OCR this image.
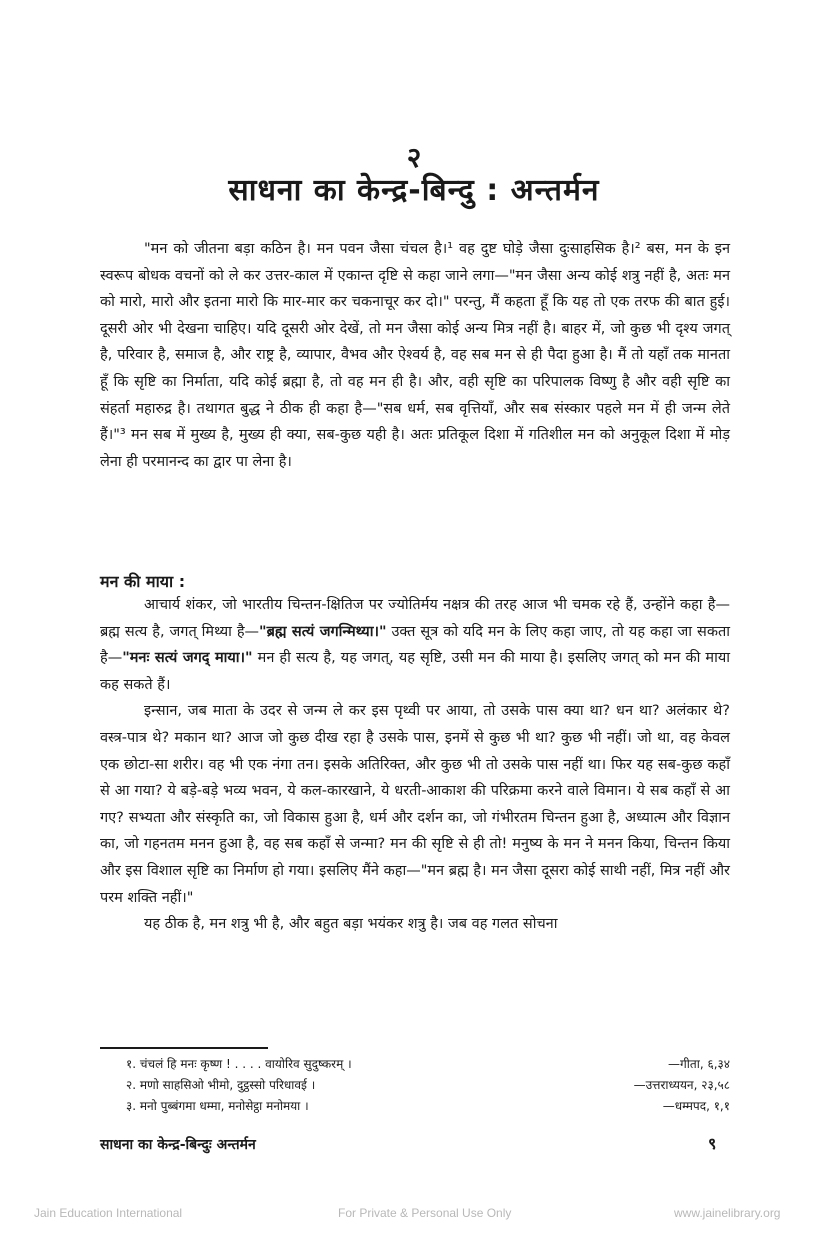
२
साधना का केन्द्र-बिन्दु : अन्तर्मन

"मन को जीतना बड़ा कठिन है। मन पवन जैसा चंचल है।¹ वह दुष्ट घोड़े जैसा दुःसाहसिक है।² बस, मन के इन स्वरूप बोधक वचनों को ले कर उत्तर-काल में एकान्त दृष्टि से कहा जाने लगा—"मन जैसा अन्य कोई शत्रु नहीं है, अतः मन को मारो, मारो और इतना मारो कि मार-मार कर चकनाचूर कर दो।" परन्तु, मैं कहता हूँ कि यह तो एक तरफ की बात हुई। दूसरी ओर भी देखना चाहिए। यदि दूसरी ओर देखें, तो मन जैसा कोई अन्य मित्र नहीं है। बाहर में, जो कुछ भी दृश्य जगत् है, परिवार है, समाज है, और राष्ट्र है, व्यापार, वैभव और ऐश्वर्य है, वह सब मन से ही पैदा हुआ है। मैं तो यहाँ तक मानता हूँ कि सृष्टि का निर्माता, यदि कोई ब्रह्मा है, तो वह मन ही है। और, वही सृष्टि का परिपालक विष्णु है और वही सृष्टि का संहर्ता महारुद्र है। तथागत बुद्ध ने ठीक ही कहा है—"सब धर्म, सब वृत्तियाँ, और सब संस्कार पहले मन में ही जन्म लेते हैं।"³ मन सब में मुख्य है, मुख्य ही क्या, सब-कुछ यही है। अतः प्रतिकूल दिशा में गतिशील मन को अनुकूल दिशा में मोड़ लेना ही परमानन्द का द्वार पा लेना है।

मन की माया :

आचार्य शंकर, जो भारतीय चिन्तन-क्षितिज पर ज्योतिर्मय नक्षत्र की तरह आज भी चमक रहे हैं, उन्होंने कहा है—ब्रह्म सत्य है, जगत् मिथ्या है—"ब्रह्म सत्यं जगन्मिथ्या।" उक्त सूत्र को यदि मन के लिए कहा जाए, तो यह कहा जा सकता है—"मनः सत्यं जगद् माया।" मन ही सत्य है, यह जगत्, यह सृष्टि, उसी मन की माया है। इसलिए जगत् को मन की माया कह सकते हैं।

इन्सान, जब माता के उदर से जन्म ले कर इस पृथ्वी पर आया, तो उसके पास क्या था? धन था? अलंकार थे? वस्त्र-पात्र थे? मकान था? आज जो कुछ दीख रहा है उसके पास, इनमें से कुछ भी था? कुछ भी नहीं। जो था, वह केवल एक छोटा-सा शरीर। वह भी एक नंगा तन। इसके अतिरिक्त, और कुछ भी तो उसके पास नहीं था। फिर यह सब-कुछ कहाँ से आ गया? ये बड़े-बड़े भव्य भवन, ये कल-कारखाने, ये धरती-आकाश की परिक्रमा करने वाले विमान। ये सब कहाँ से आ गए? सभ्यता और संस्कृति का, जो विकास हुआ है, धर्म और दर्शन का, जो गंभीरतम चिन्तन हुआ है, अध्यात्म और विज्ञान का, जो गहनतम मनन हुआ है, वह सब कहाँ से जन्मा? मन की सृष्टि से ही तो! मनुष्य के मन ने मनन किया, चिन्तन किया और इस विशाल सृष्टि का निर्माण हो गया। इसलिए मैंने कहा—"मन ब्रह्म है। मन जैसा दूसरा कोई साथी नहीं, मित्र नहीं और परम शक्ति नहीं।"

यह ठीक है, मन शत्रु भी है, और बहुत बड़ा भयंकर शत्रु है। जब वह गलत सोचना

१. चंचलं हि मनः कृष्ण ! . . . . वायोरिव सुदुष्करम् ।	—गीता, ६,३४
२. मणो साहसिओ भीमो, दुट्ठस्सो परिधावई ।	—उत्तराध्ययन, २३,५८
३. मनो पुब्बंगमा धम्मा, मनोसेट्ठा मनोमया ।	—धम्मपद, १,१
साधना का केन्द्र-बिन्दुः अन्तर्मन	९
Jain Education International	For Private & Personal Use Only	www.jainelibrary.org
